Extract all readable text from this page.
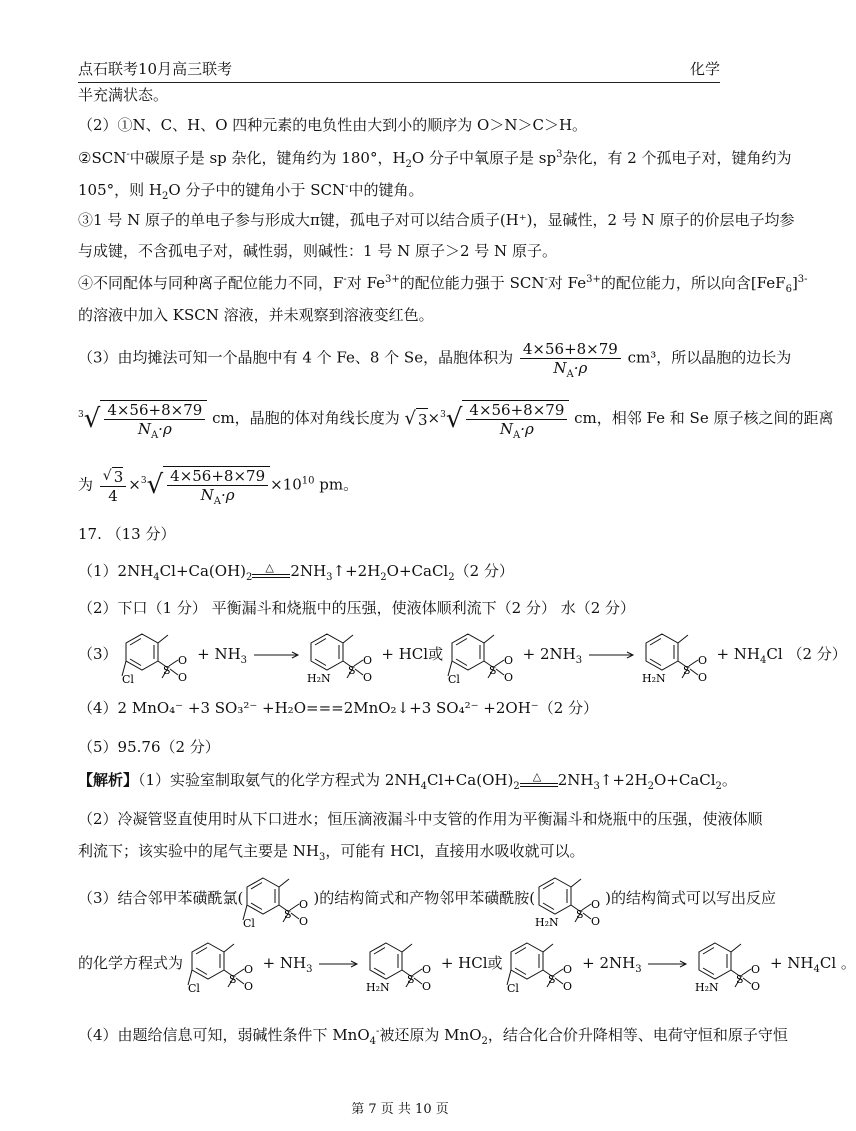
点石联考10月高三联考	化学
半充满状态。
（2）①N、C、H、O 四种元素的电负性由大到小的顺序为 O＞N＞C＞H。
②SCN-中碳原子是 sp 杂化，键角约为 180°，$H_2O$ 分子中氧原子是 $sp^3$杂化，有 2 个孤电子对，键角约为
105°，则 $H_2O$ 分子中的键角小于 SCN-中的键角。
③1 号 N 原子的单电子参与形成大π键，孤电子对可以结合质子(H⁺)，显碱性，2 号 N 原子的价层电子均参
与成键，不含孤电子对，碱性弱，则碱性：1 号 N 原子＞2 号 N 原子。
④不同配体与同种离子配位能力不同，F-对 $Fe^{3+}$的配位能力强于 SCN-对 $Fe^{3+}$的配位能力，所以向含$[FeF_6]^{3-}$
的溶液中加入 KSCN 溶液，并未观察到溶液变红色。
（3）由均摊法可知一个晶胞中有 4 个 Fe、8 个 Se，晶胞体积为 $\frac{4\times 56+8\times 79}{N_A\cdot\rho} cm^3$，所以晶胞的边长为
$^3√ \frac{4\times 56+8\times 79}{N_A\cdot\rho}$ cm，晶胞的体对角线长度为 √ $3\times^3√ \frac{4\times 56+8\times 79}{N_A\cdot\rho}$ cm，相邻 Fe 和 Se 原子核之间的距离
为 $\frac{√ 3}{4} \times^3√ \frac{4\times 56+8\times 79}{N_A\cdot\rho} \times 10^{10}$ pm。
17. （13 分）
$(1)2NH_4Cl+Ca(OH)_2$
△ $2NH_3↑+2H_2O+CaCl_2(2$ 分）
（2）下口（1 分） 平衡漏斗和烧瓶中的压强，使液体顺利流下（2 分） 水（2 分）
（3）
Cl
+ $NH_3$ →
H₂N
+ HCl或
Cl
+ $2NH_3$ →
H₂N
+ $NH_4Cl$ （2 分）
（4）2 MnO₄⁻ +3 SO₃²⁻ +H₂O===2MnO₂↓+3 SO₄²⁻ +2OH⁻（2 分）
（5）95.76（2 分）
【解析】（1）实验室制取氨气的化学方程式为 $2NH_4Cl+Ca(OH)_2$
△ $2NH_3↑+2H_2O+CaCl_2$。
（2）冷凝管竖直使用时从下口进水；恒压滴液漏斗中支管的作用为平衡漏斗和烧瓶中的压强，使液体顺
利流下；该实验中的尾气主要是 $NH_3$，可能有 HCl，直接用水吸收就可以。
（3）结合邻甲苯磺酰氯(
Cl
)的结构简式和产物邻甲苯磺酰胺(
H₂N
)的结构简式可以写出反应
的化学方程式为
Cl
+ $NH_3$ →
H₂N
+ HCl或
Cl
+ $2NH_3$ →
H₂N
+ $NH_4Cl$ 。
（4）由题给信息可知，弱碱性条件下 MnO$_4$-被还原为 MnO$_2$，结合化合价升降相等、电荷守恒和原子守恒
第 7 页 共 10 页
